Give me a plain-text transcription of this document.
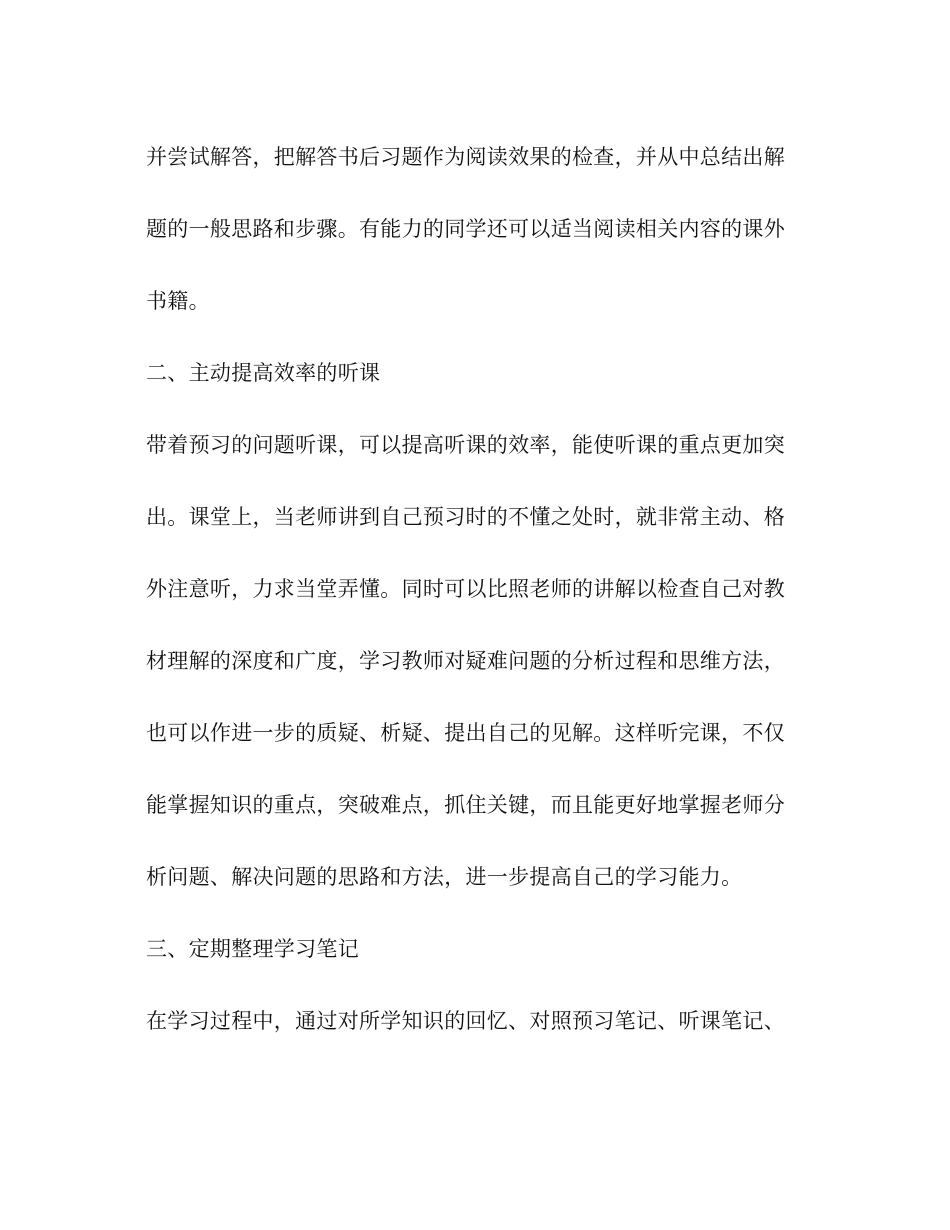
并尝试解答，把解答书后习题作为阅读效果的检查，并从中总结出解
题的一般思路和步骤。有能力的同学还可以适当阅读相关内容的课外
书籍。
二、主动提高效率的听课
带着预习的问题听课，可以提高听课的效率，能使听课的重点更加突
出。课堂上，当老师讲到自己预习时的不懂之处时，就非常主动、格
外注意听，力求当堂弄懂。同时可以比照老师的讲解以检查自己对教
材理解的深度和广度，学习教师对疑难问题的分析过程和思维方法，
也可以作进一步的质疑、析疑、提出自己的见解。这样听完课，不仅
能掌握知识的重点，突破难点，抓住关键，而且能更好地掌握老师分
析问题、解决问题的思路和方法，进一步提高自己的学习能力。
三、定期整理学习笔记
在学习过程中，通过对所学知识的回忆、对照预习笔记、听课笔记、
